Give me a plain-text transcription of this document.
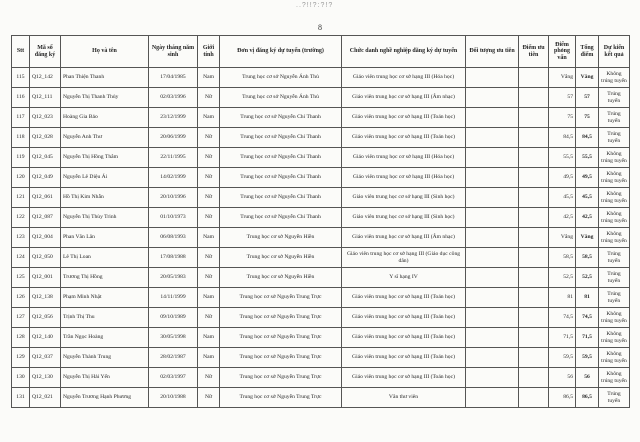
..?!!?:?!?
8
Stt	Mã số đăng ký	Họ và tên	Ngày tháng năm sinh	Giới tính	Đơn vị đăng ký dự tuyển (trường)	Chức danh nghề nghiệp đăng ký dự tuyển	Đối tượng ưu tiên	Điểm ưu tiên	Điểm phỏng vấn	Tổng điểm	Dự kiến kết quả
115	Q12_142	Phan Thiện Thanh	17/04/1985	Nam	Trung học cơ sở Nguyễn Ánh Thủ	Giáo viên trung học cơ sở hạng III (Hóa học)			Vắng	Vắng	Không trúng tuyển
116	Q12_111	Nguyễn Thị Thanh Thủy	02/03/1996	Nữ	Trung học cơ sở Nguyễn Ánh Thủ	Giáo viên trung học cơ sở hạng III (Âm nhạc)			57	57	Trúng tuyển
117	Q12_023	Hoàng Gia Bảo	23/12/1999	Nam	Trung học cơ sở Nguyễn Chí Thanh	Giáo viên trung học cơ sở hạng III (Toán học)			75	75	Trúng tuyển
118	Q12_028	Nguyễn Anh Thư	20/06/1999	Nữ	Trung học cơ sở Nguyễn Chí Thanh	Giáo viên trung học cơ sở hạng III (Toán học)			84,5	84,5	Trúng tuyển
119	Q12_045	Nguyễn Thị Hồng Thắm	22/11/1995	Nữ	Trung học cơ sở Nguyễn Chí Thanh	Giáo viên trung học cơ sở hạng III (Hóa học)			55,5	55,5	Không trúng tuyển
120	Q12_049	Nguyễn Lê Diệu Ái	14/02/1999	Nữ	Trung học cơ sở Nguyễn Chí Thanh	Giáo viên trung học cơ sở hạng III (Hóa học)			49,5	49,5	Không trúng tuyển
121	Q12_061	Hồ Thị Kim Nhẫn	20/10/1996	Nữ	Trung học cơ sở Nguyễn Chí Thanh	Giáo viên trung học cơ sở hạng III (Sinh học)			45,5	45,5	Không trúng tuyển
122	Q12_087	Nguyễn Thị Thùy Trinh	01/10/1973	Nữ	Trung học cơ sở Nguyễn Chí Thanh	Giáo viên trung học cơ sở hạng III (Sinh học)			42,5	42,5	Không trúng tuyển
123	Q12_004	Phan Văn Lân	06/08/1993	Nam	Trung học cơ sở Nguyễn Hiền	Giáo viên trung học cơ sở hạng III (Âm nhạc)			Vắng	Vắng	Không trúng tuyển
124	Q12_050	Lê Thị Loan	17/08/1988	Nữ	Trung học cơ sở Nguyễn Hiền	Giáo viên trung học cơ sở hạng III (Giáo dục công dân)			58,5	58,5	Trúng tuyển
125	Q12_001	Trương Thị Hồng	20/05/1983	Nữ	Trung học cơ sở Nguyễn Hiền	Y sĩ hạng IV			52,5	52,5	Trúng tuyển
126	Q12_138	Phạm Minh Nhật	14/11/1999	Nam	Trung học cơ sở Nguyễn Trung Trực	Giáo viên trung học cơ sở hạng III (Toán học)			81	81	Trúng tuyển
127	Q12_056	Trịnh Thị Thu	09/10/1989	Nữ	Trung học cơ sở Nguyễn Trung Trực	Giáo viên trung học cơ sở hạng III (Toán học)			74,5	74,5	Không trúng tuyển
128	Q12_140	Trần Ngọc Hoàng	30/05/1998	Nam	Trung học cơ sở Nguyễn Trung Trực	Giáo viên trung học cơ sở hạng III (Toán học)			71,5	71,5	Không trúng tuyển
129	Q12_037	Nguyễn Thành Trung	28/02/1987	Nam	Trung học cơ sở Nguyễn Trung Trực	Giáo viên trung học cơ sở hạng III (Toán học)			59,5	59,5	Không trúng tuyển
130	Q12_130	Nguyễn Thị Hải Yến	02/03/1997	Nữ	Trung học cơ sở Nguyễn Trung Trực	Giáo viên trung học cơ sở hạng III (Toán học)			56	56	Không trúng tuyển
131	Q12_021	Nguyễn Trương Hạnh Phương	20/10/1988	Nữ	Trung học cơ sở Nguyễn Trung Trực	Văn thư viên			86,5	86,5	Trúng tuyển
